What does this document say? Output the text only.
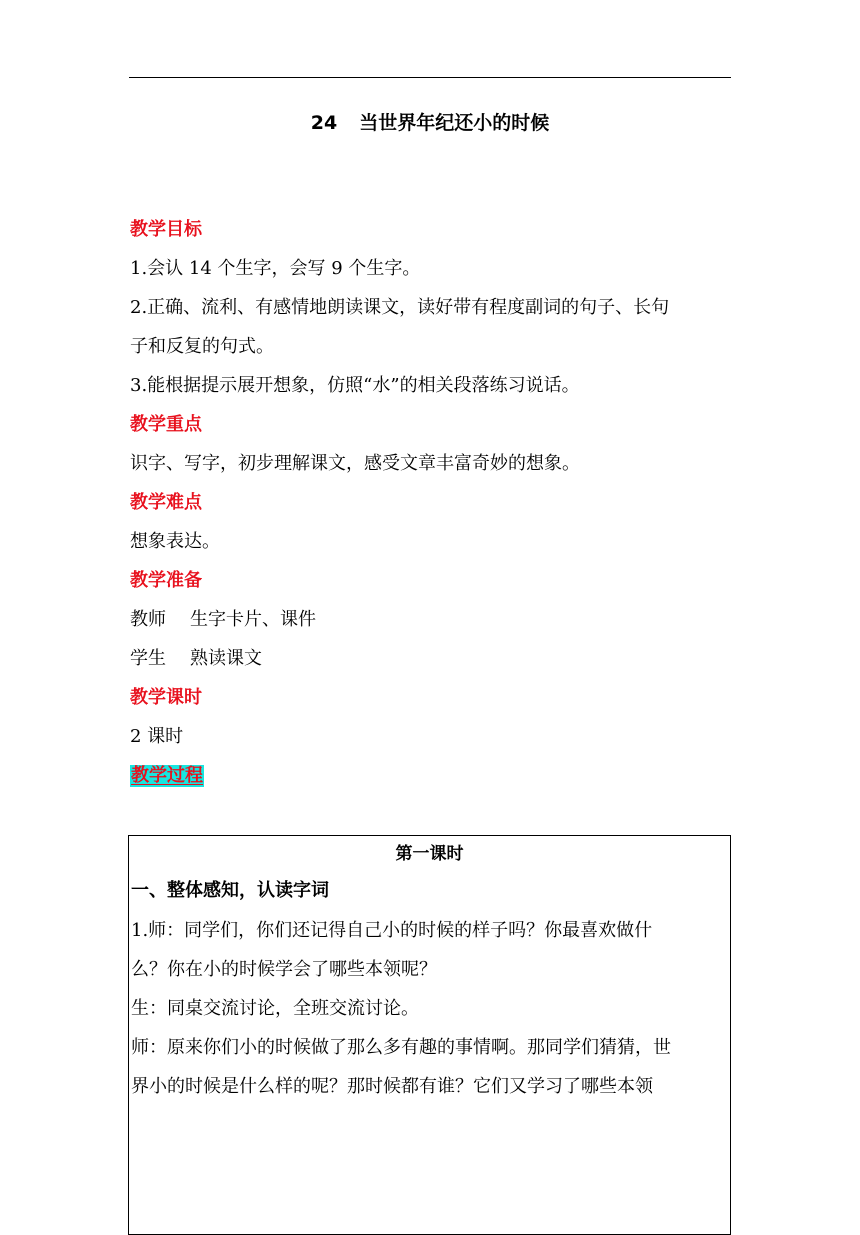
24 当世界年纪还小的时候
教学目标
1.会认 14 个生字，会写 9 个生字。
2.正确、流利、有感情地朗读课文，读好带有程度副词的句子、长句
子和反复的句式。
3.能根据提示展开想象，仿照“水”的相关段落练习说话。
教学重点
识字、写字，初步理解课文，感受文章丰富奇妙的想象。
教学难点
想象表达。
教学准备
教师 生字卡片、课件
学生 熟读课文
教学课时
2 课时
教学过程
第一课时
一、整体感知，认读字词
1.师：同学们，你们还记得自己小的时候的样子吗？你最喜欢做什
么？你在小的时候学会了哪些本领呢？
生：同桌交流讨论，全班交流讨论。
师：原来你们小的时候做了那么多有趣的事情啊。那同学们猜猜，世
界小的时候是什么样的呢？那时候都有谁？它们又学习了哪些本领
